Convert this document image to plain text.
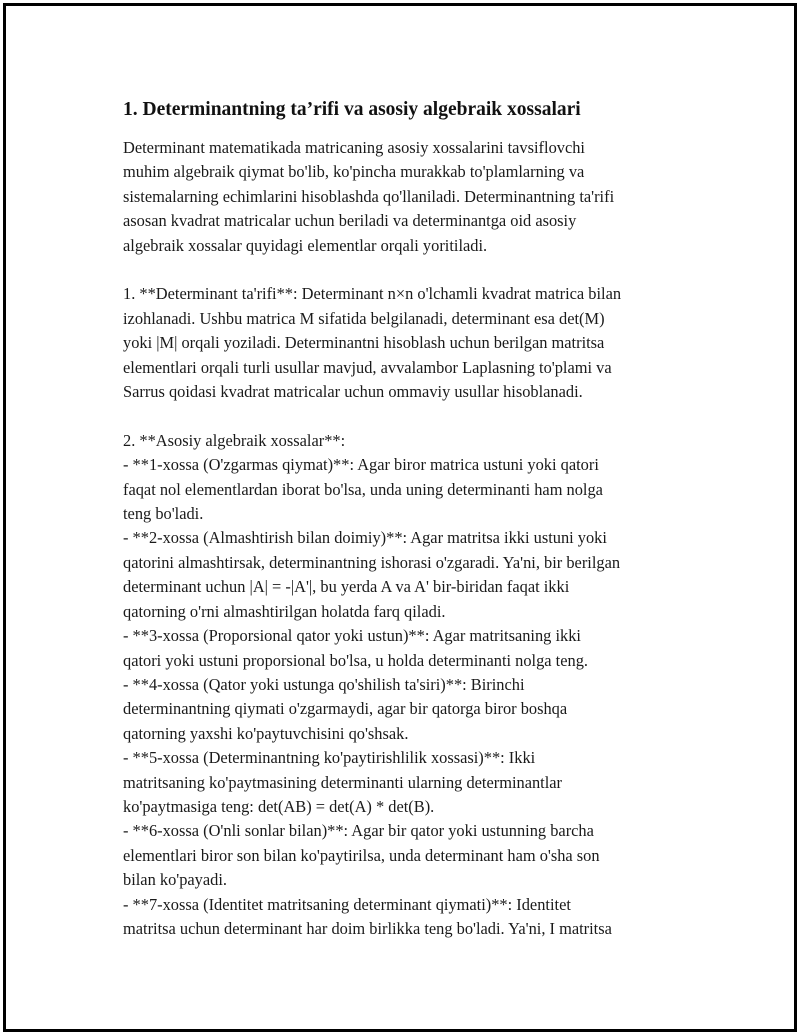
1. Determinantning ta’rifi va asosiy algebraik xossalari
Determinant matematikada matricaning asosiy xossalarini tavsiflovchi
muhim algebraik qiymat bo'lib, ko'pincha murakkab to'plamlarning va
sistemalarning echimlarini hisoblashda qo'llaniladi. Determinantning ta'rifi
asosan kvadrat matricalar uchun beriladi va determinantga oid asosiy
algebraik xossalar quyidagi elementlar orqali yoritiladi.
1. **Determinant ta'rifi**: Determinant n×n o'lchamli kvadrat matrica bilan
izohlanadi. Ushbu matrica M sifatida belgilanadi, determinant esa det(M)
yoki |M| orqali yoziladi. Determinantni hisoblash uchun berilgan matritsa
elementlari orqali turli usullar mavjud, avvalambor Laplasning to'plami va
Sarrus qoidasi kvadrat matricalar uchun ommaviy usullar hisoblanadi.
2. **Asosiy algebraik xossalar**:
- **1-xossa (O'zgarmas qiymat)**: Agar biror matrica ustuni yoki qatori
faqat nol elementlardan iborat bo'lsa, unda uning determinanti ham nolga
teng bo'ladi.
- **2-xossa (Almashtirish bilan doimiy)**: Agar matritsa ikki ustuni yoki
qatorini almashtirsak, determinantning ishorasi o'zgaradi. Ya'ni, bir berilgan
determinant uchun |A| = -|A'|, bu yerda A va A' bir-biridan faqat ikki
qatorning o'rni almashtirilgan holatda farq qiladi.
- **3-xossa (Proporsional qator yoki ustun)**: Agar matritsaning ikki
qatori yoki ustuni proporsional bo'lsa, u holda determinanti nolga teng.
- **4-xossa (Qator yoki ustunga qo'shilish ta'siri)**: Birinchi
determinantning qiymati o'zgarmaydi, agar bir qatorga biror boshqa
qatorning yaxshi ko'paytuvchisini qo'shsak.
- **5-xossa (Determinantning ko'paytirishlilik xossasi)**: Ikki
matritsaning ko'paytmasining determinanti ularning determinantlar
ko'paytmasiga teng: det(AB) = det(A) * det(B).
- **6-xossa (O'nli sonlar bilan)**: Agar bir qator yoki ustunning barcha
elementlari biror son bilan ko'paytirilsa, unda determinant ham o'sha son
bilan ko'payadi.
- **7-xossa (Identitet matritsaning determinant qiymati)**: Identitet
matritsa uchun determinant har doim birlikka teng bo'ladi. Ya'ni, I matritsa
